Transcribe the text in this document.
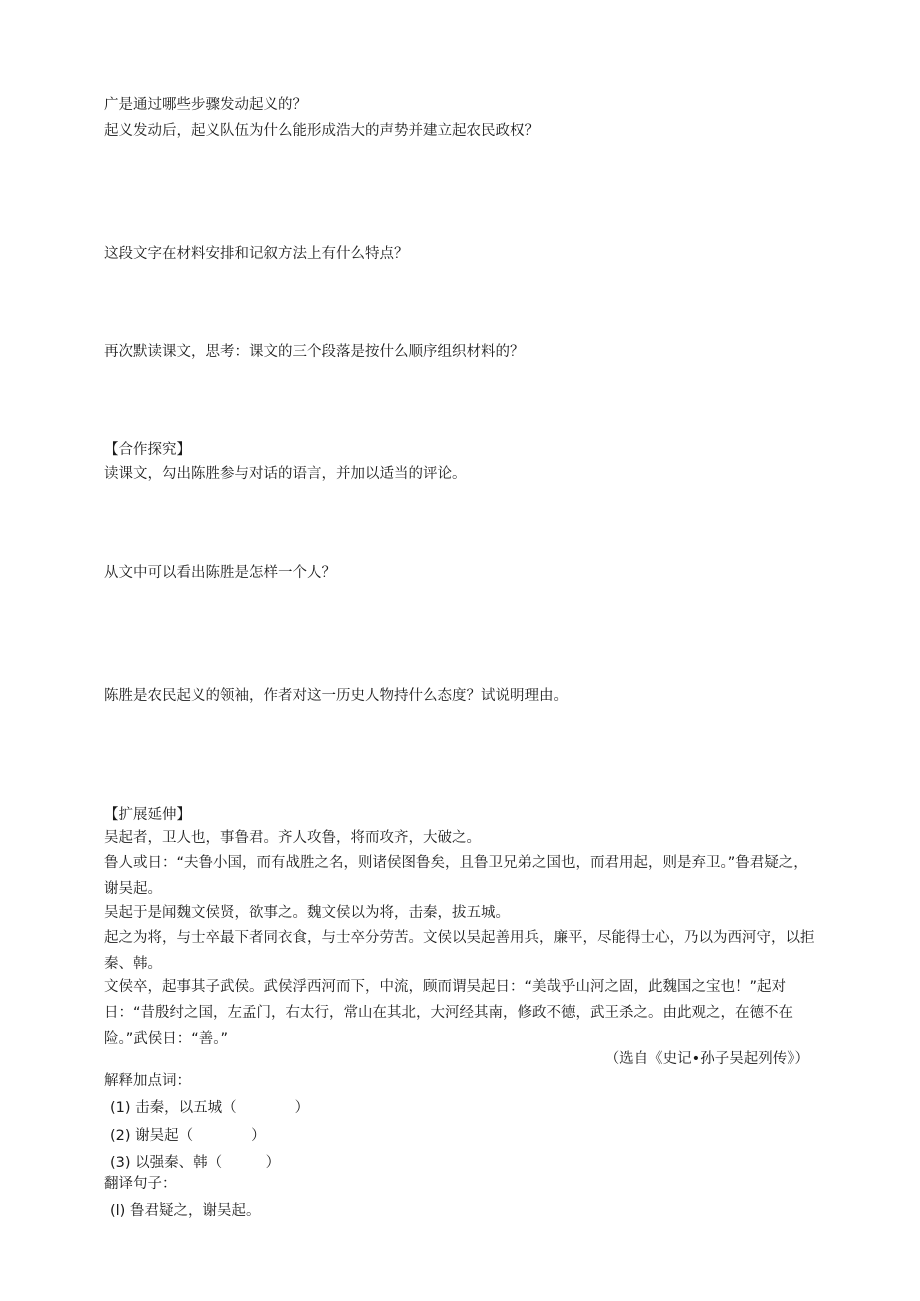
广是通过哪些步骤发动起义的？

起义发动后，起义队伍为什么能形成浩大的声势并建立起农民政权？

这段文字在材料安排和记叙方法上有什么特点？

再次默读课文，思考：课文的三个段落是按什么顺序组织材料的？

【合作探究】

读课文，勾出陈胜参与对话的语言，并加以适当的评论。

从文中可以看出陈胜是怎样一个人？

陈胜是农民起义的领袖，作者对这一历史人物持什么态度？试说明理由。

【扩展延伸】

吴起者，卫人也，事鲁君。齐人攻鲁，将而攻齐，大破之。

鲁人或日：“夫鲁小国，而有战胜之名，则诸侯图鲁矣，且鲁卫兄弟之国也，而君用起，则是弃卫。”鲁君疑之，谢吴起。

吴起于是闻魏文侯贤，欲事之。魏文侯以为将，击秦，拔五城。

起之为将，与士卒最下者同衣食，与士卒分劳苦。文侯以吴起善用兵，廉平，尽能得士心，乃以为西河守，以拒秦、韩。

文侯卒，起事其子武侯。武侯浮西河而下，中流，顾而谓吴起日：“美哉乎山河之固，此魏国之宝也！”起对日：“昔殷纣之国，左孟门，右太行，常山在其北，大河经其南，修政不德，武王杀之。由此观之，在德不在险。”武侯日：“善。”

（选自《史记•孙子吴起列传》）

解释加点词：

(1) 击秦，以五城（　　　　）

(2) 谢吴起（　　　　）

(3) 以强秦、韩（　　　）

翻译句子：

(l) 鲁君疑之，谢吴起。
